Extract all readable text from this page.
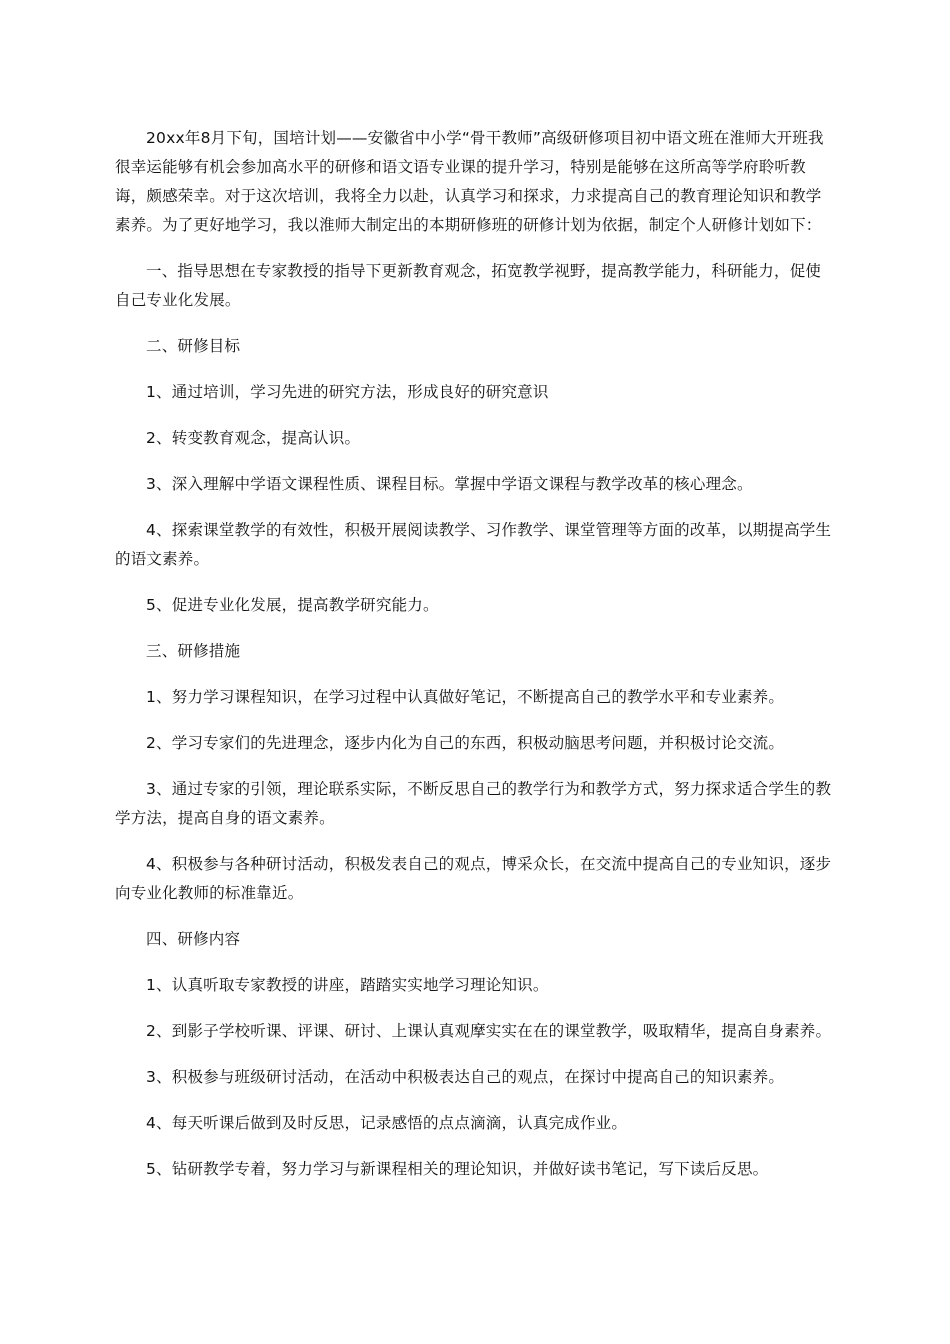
20xx年8月下旬，国培计划——安徽省中小学“骨干教师”高级研修项目初中语文班在淮师大开班我很幸运能够有机会参加高水平的研修和语文语专业课的提升学习，特别是能够在这所高等学府聆听教诲，颇感荣幸。对于这次培训，我将全力以赴，认真学习和探求，力求提高自己的教育理论知识和教学素养。为了更好地学习，我以淮师大制定出的本期研修班的研修计划为依据，制定个人研修计划如下：

一、指导思想在专家教授的指导下更新教育观念，拓宽教学视野，提高教学能力，科研能力，促使自己专业化发展。

二、研修目标

1、通过培训，学习先进的研究方法，形成良好的研究意识

2、转变教育观念，提高认识。

3、深入理解中学语文课程性质、课程目标。掌握中学语文课程与教学改革的核心理念。

4、探索课堂教学的有效性，积极开展阅读教学、习作教学、课堂管理等方面的改革，以期提高学生的语文素养。

5、促进专业化发展，提高教学研究能力。

三、研修措施

1、努力学习课程知识，在学习过程中认真做好笔记，不断提高自己的教学水平和专业素养。

2、学习专家们的先进理念，逐步内化为自己的东西，积极动脑思考问题，并积极讨论交流。

3、通过专家的引领，理论联系实际，不断反思自己的教学行为和教学方式，努力探求适合学生的教学方法，提高自身的语文素养。

4、积极参与各种研讨活动，积极发表自己的观点，博采众长，在交流中提高自己的专业知识，逐步向专业化教师的标准靠近。

四、研修内容

1、认真听取专家教授的讲座，踏踏实实地学习理论知识。

2、到影子学校听课、评课、研讨、上课认真观摩实实在在的课堂教学，吸取精华，提高自身素养。

3、积极参与班级研讨活动，在活动中积极表达自己的观点，在探讨中提高自己的知识素养。

4、每天听课后做到及时反思，记录感悟的点点滴滴，认真完成作业。

5、钻研教学专着，努力学习与新课程相关的理论知识，并做好读书笔记，写下读后反思。
